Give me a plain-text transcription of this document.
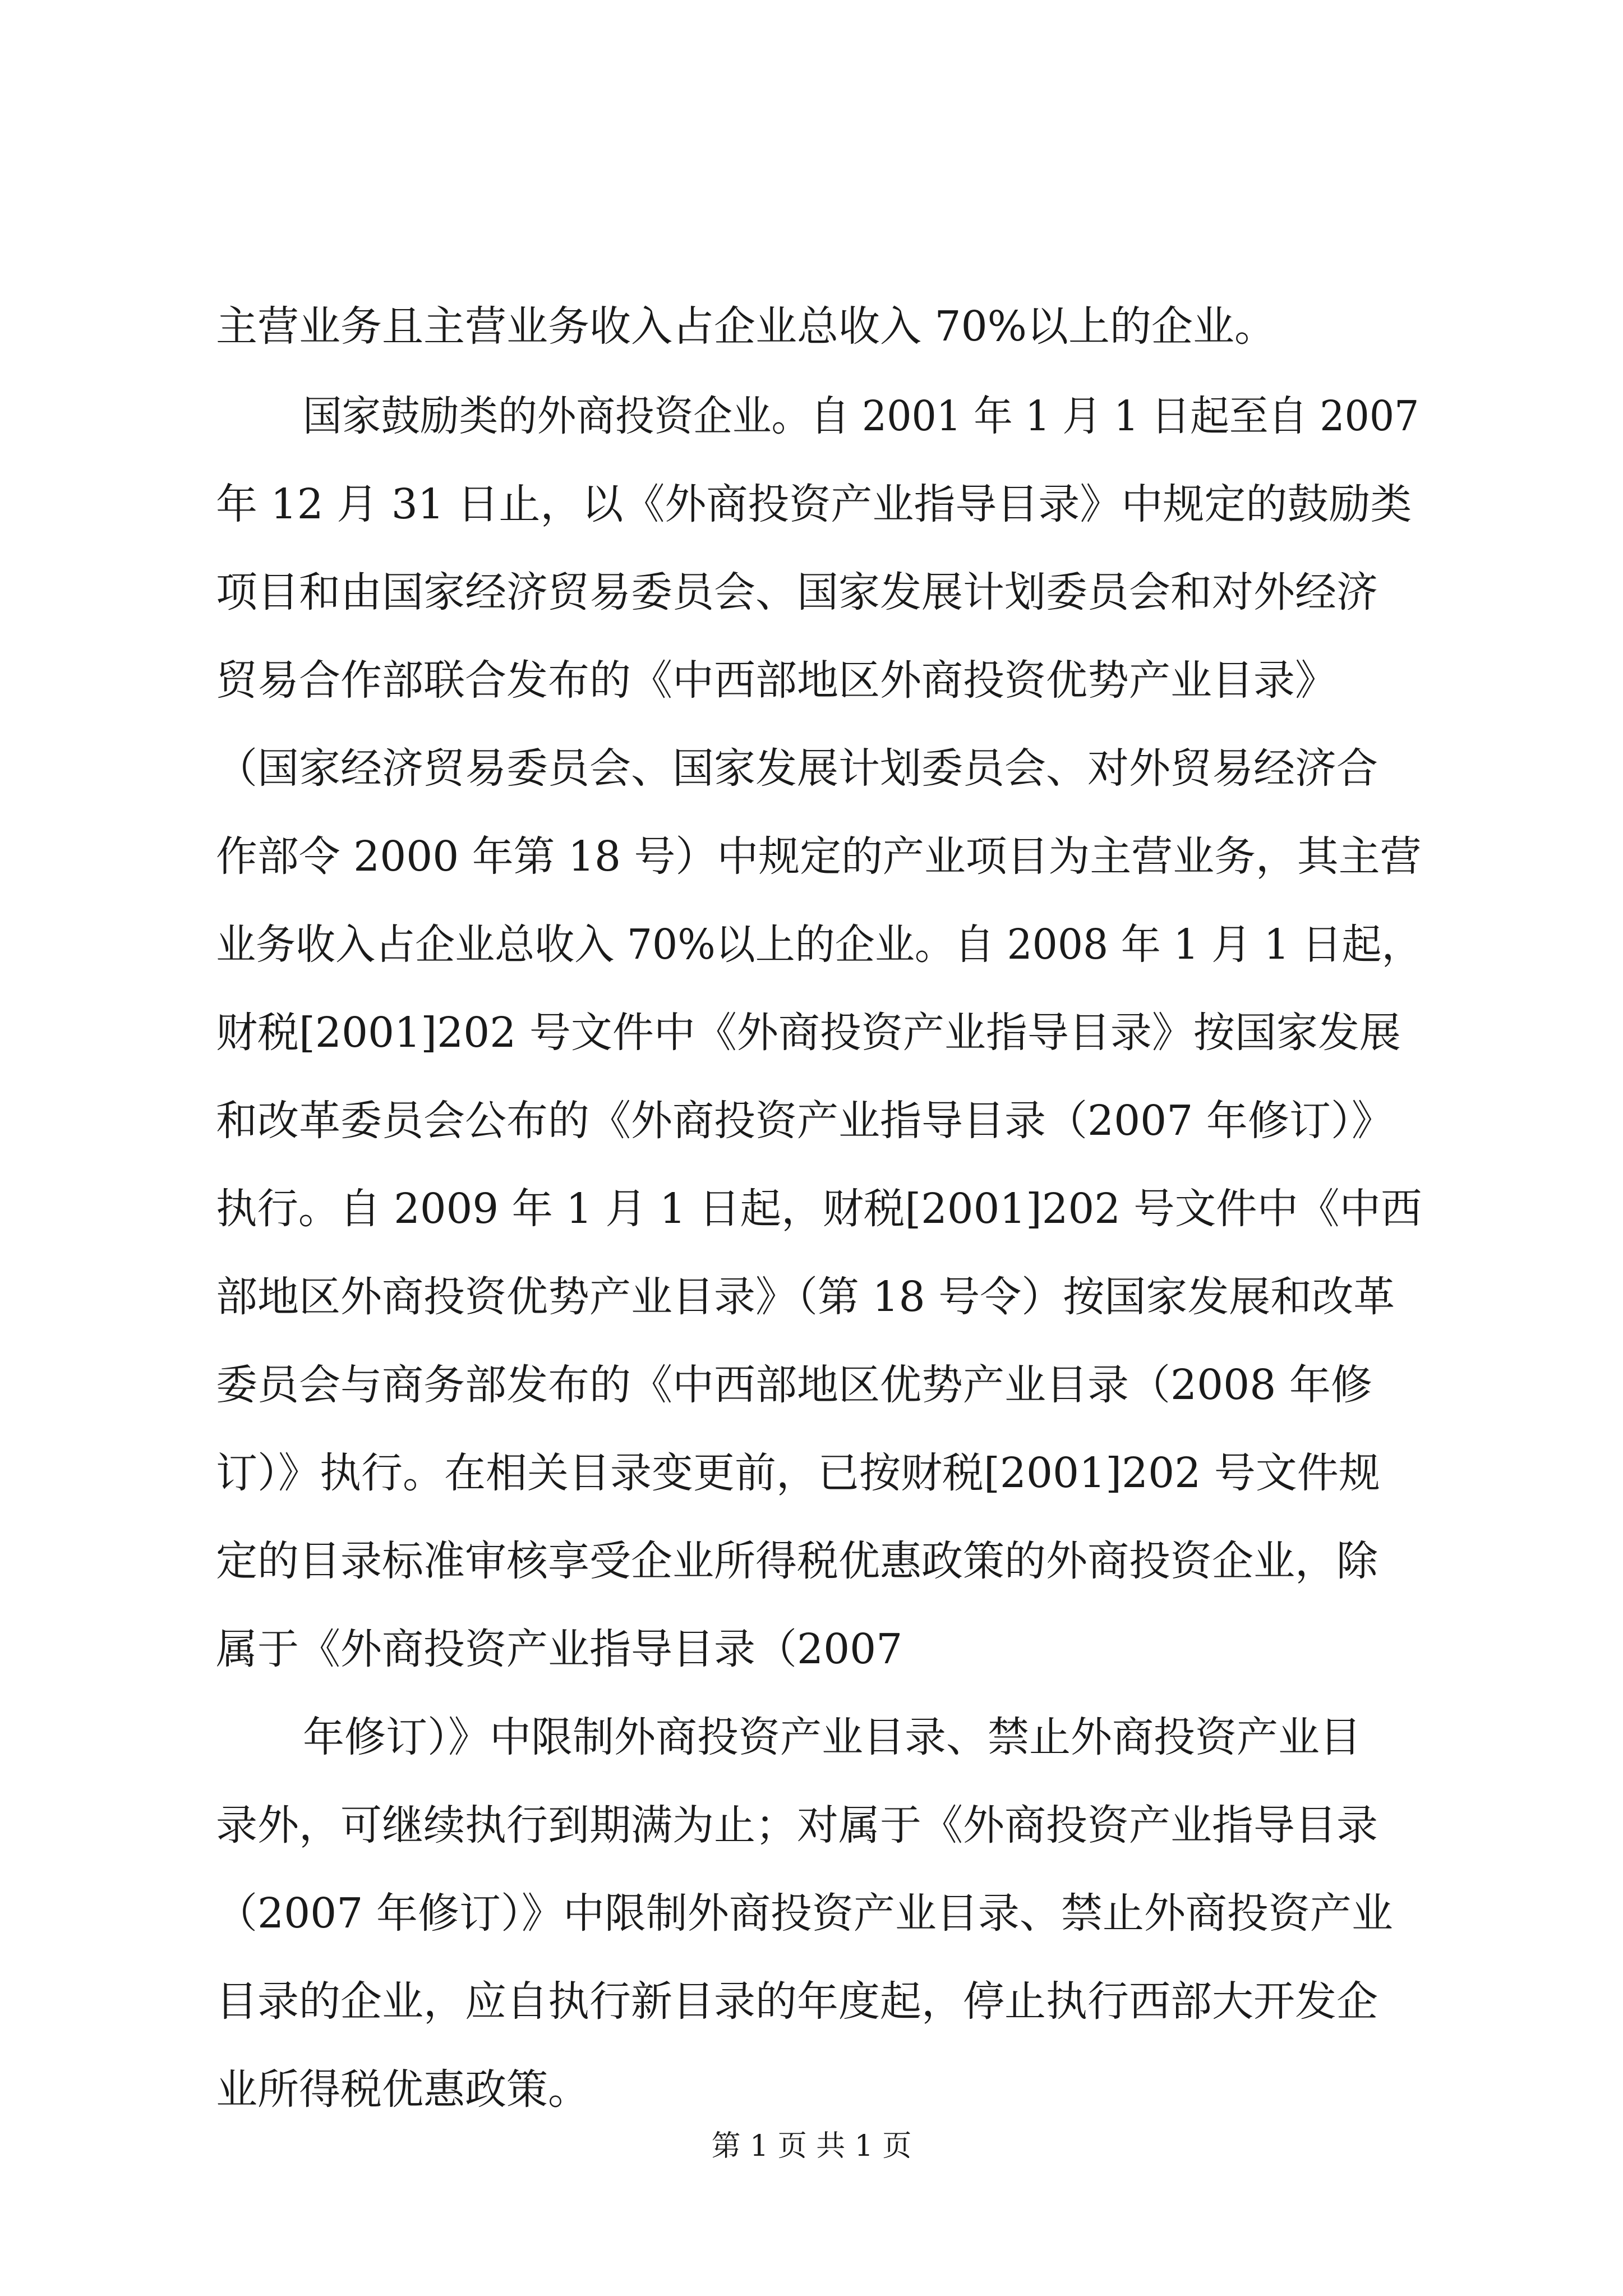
主营业务且主营业务收入占企业总收入 70%以上的企业。
国家鼓励类的外商投资企业。自 2001 年 1 月 1 日起至自 2007
年 12 月 31 日止，以《外商投资产业指导目录》中规定的鼓励类
项目和由国家经济贸易委员会、国家发展计划委员会和对外经济
贸易合作部联合发布的《中西部地区外商投资优势产业目录》
（国家经济贸易委员会、国家发展计划委员会、对外贸易经济合
作部令 2000 年第 18 号）中规定的产业项目为主营业务，其主营
业务收入占企业总收入 70%以上的企业。自 2008 年 1 月 1 日起，
财税[2001]202 号文件中《外商投资产业指导目录》按国家发展
和改革委员会公布的《外商投资产业指导目录（2007 年修订）》
执行。自 2009 年 1 月 1 日起，财税[2001]202 号文件中《中西
部地区外商投资优势产业目录》（第 18 号令）按国家发展和改革
委员会与商务部发布的《中西部地区优势产业目录（2008 年修
订）》执行。在相关目录变更前，已按财税[2001]202 号文件规
定的目录标准审核享受企业所得税优惠政策的外商投资企业，除
属于《外商投资产业指导目录（2007
年修订）》中限制外商投资产业目录、禁止外商投资产业目
录外，可继续执行到期满为止；对属于《外商投资产业指导目录
（2007 年修订）》中限制外商投资产业目录、禁止外商投资产业
目录的企业，应自执行新目录的年度起，停止执行西部大开发企
业所得税优惠政策。
第 1 页 共 1 页
